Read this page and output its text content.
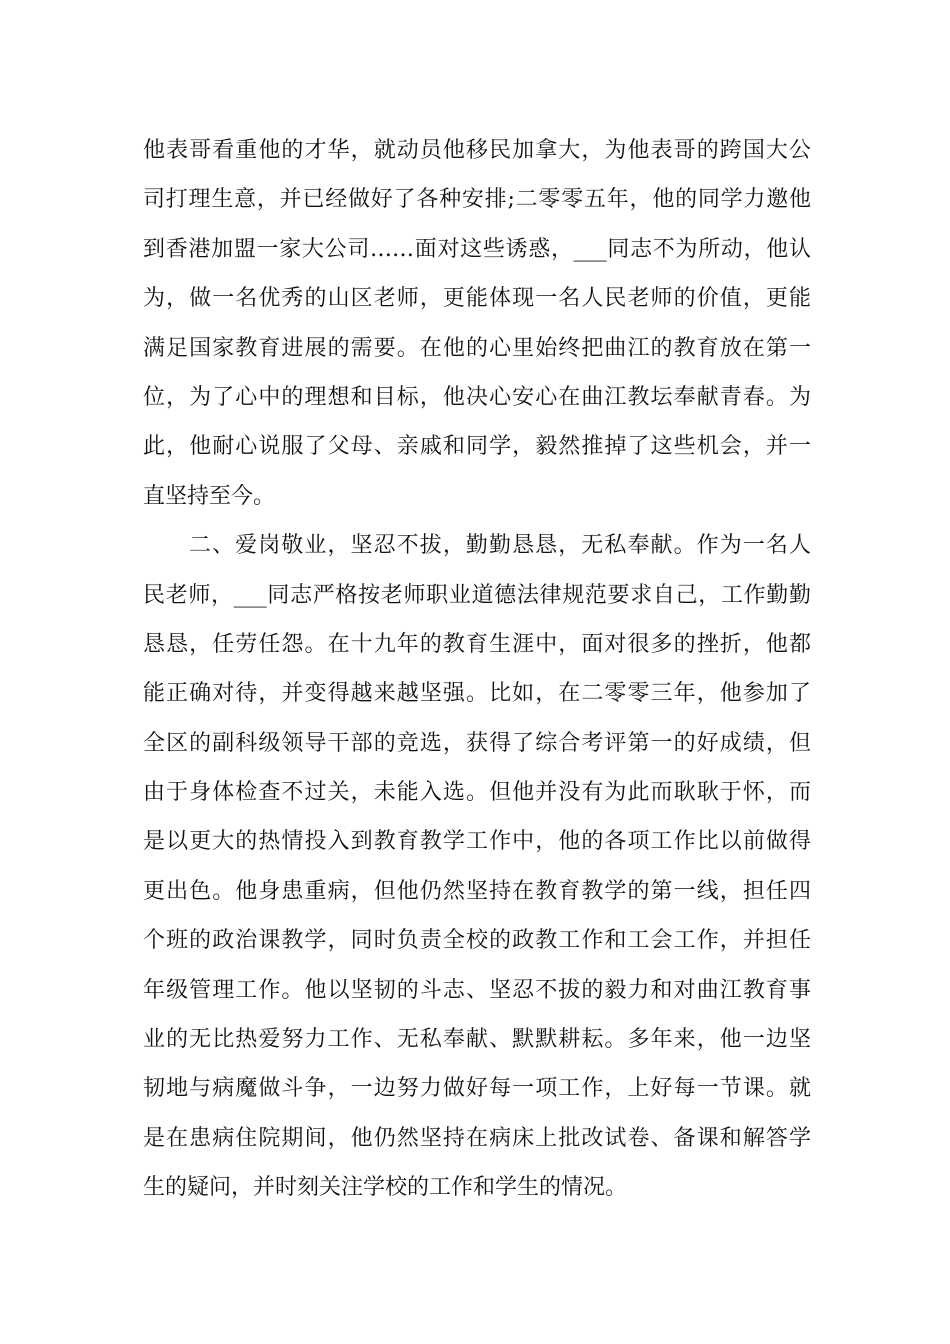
他表哥看重他的才华，就动员他移民加拿大，为他表哥的跨国大公
司打理生意，并已经做好了各种安排;二零零五年，他的同学力邀他
到香港加盟一家大公司……面对这些诱惑，___同志不为所动，他认
为，做一名优秀的山区老师，更能体现一名人民老师的价值，更能
满足国家教育进展的需要。在他的心里始终把曲江的教育放在第一
位，为了心中的理想和目标，他决心安心在曲江教坛奉献青春。为
此，他耐心说服了父母、亲戚和同学，毅然推掉了这些机会，并一
直坚持至今。
二、爱岗敬业，坚忍不拔，勤勤恳恳，无私奉献。作为一名人
民老师，___同志严格按老师职业道德法律规范要求自己，工作勤勤
恳恳，任劳任怨。在十九年的教育生涯中，面对很多的挫折，他都
能正确对待，并变得越来越坚强。比如，在二零零三年，他参加了
全区的副科级领导干部的竞选，获得了综合考评第一的好成绩，但
由于身体检查不过关，未能入选。但他并没有为此而耿耿于怀，而
是以更大的热情投入到教育教学工作中，他的各项工作比以前做得
更出色。他身患重病，但他仍然坚持在教育教学的第一线，担任四
个班的政治课教学，同时负责全校的政教工作和工会工作，并担任
年级管理工作。他以坚韧的斗志、坚忍不拔的毅力和对曲江教育事
业的无比热爱努力工作、无私奉献、默默耕耘。多年来，他一边坚
韧地与病魔做斗争，一边努力做好每一项工作，上好每一节课。就
是在患病住院期间，他仍然坚持在病床上批改试卷、备课和解答学
生的疑问，并时刻关注学校的工作和学生的情况。
